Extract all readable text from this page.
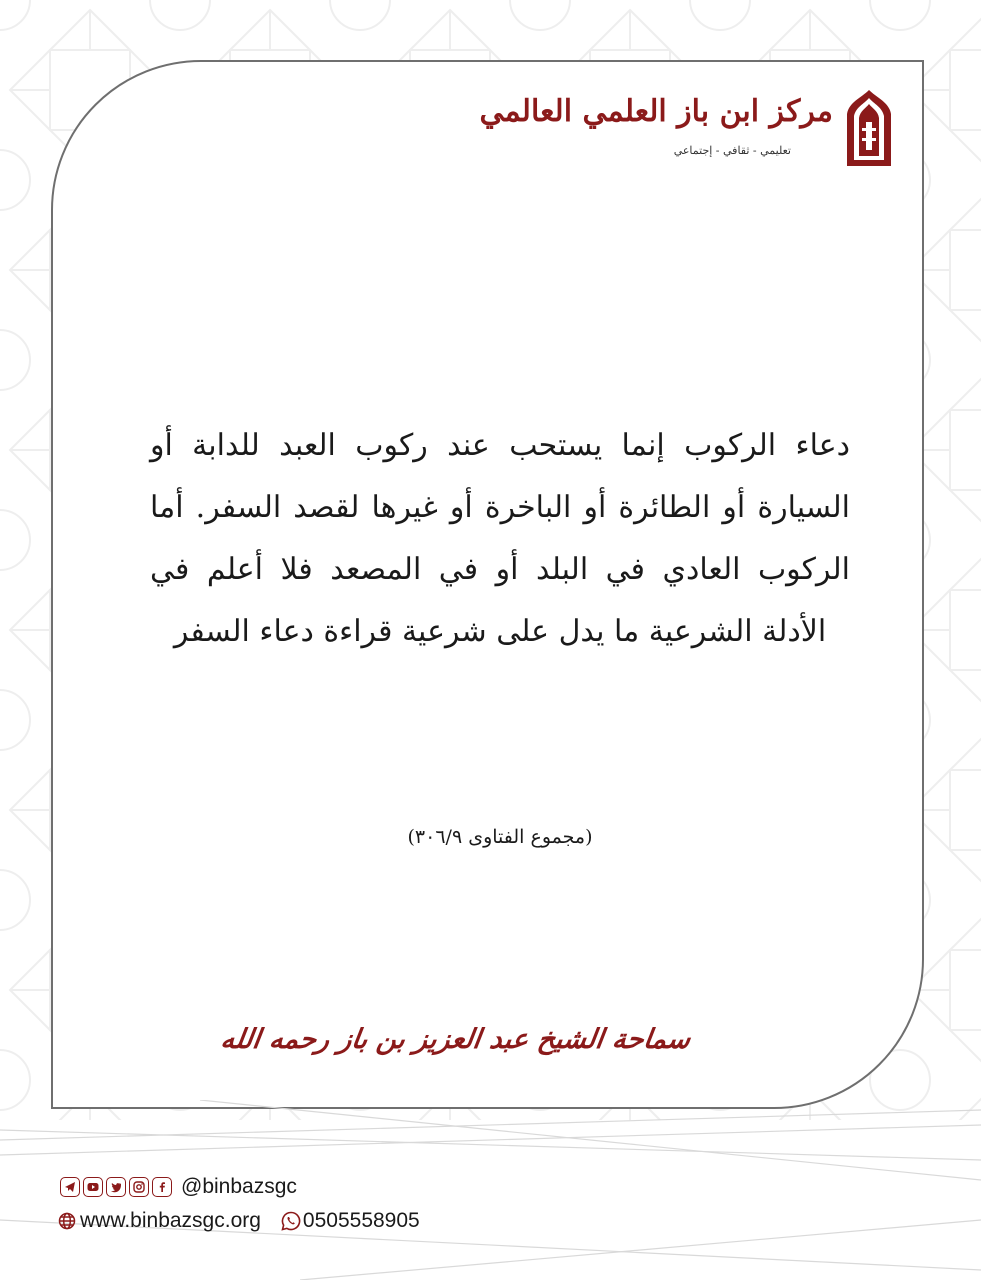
مركز ابن باز العلمي العالمي
تعليمي - ثقافي - إجتماعي
دعاء الركوب إنما يستحب عند ركوب العبد للدابة أو السيارة أو الطائرة أو الباخرة أو غيرها لقصد السفر. أما الركوب العادي في البلد أو في المصعد فلا أعلم في الأدلة الشرعية ما يدل على شرعية قراءة دعاء السفر
(مجموع الفتاوى ٣٠٦/٩)
سماحة الشيخ عبد العزيز بن باز رحمه الله
@binbazsgc
www.binbazsgc.org 0505558905
